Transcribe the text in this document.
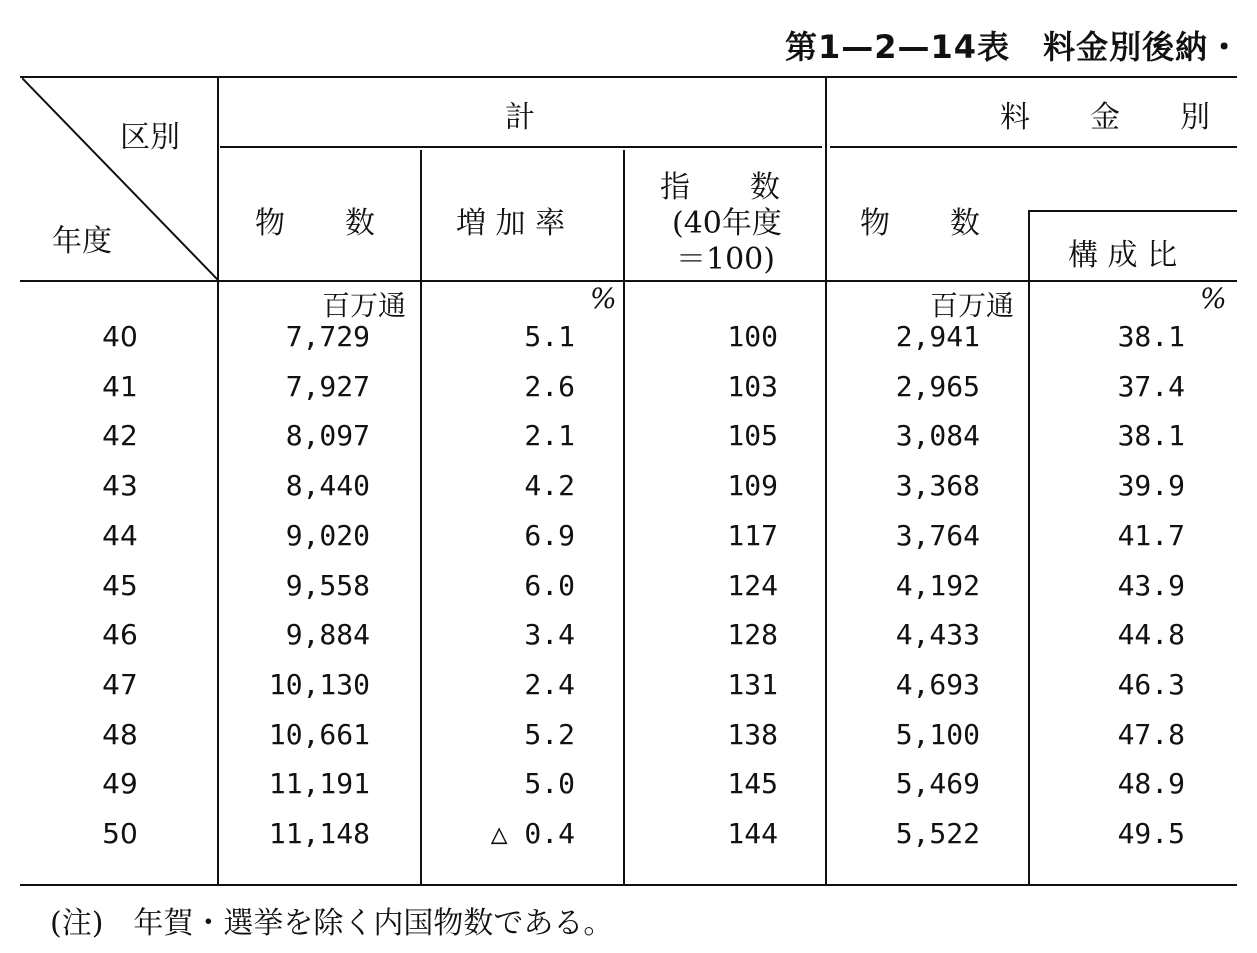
第1—2—14表　料金別後納・
区別
年度
計	料　　金　　別
物　　数	増 加 率
指　　数
(40年度
＝100)
物　　数
構 成 比
百万通	%	百万通	%
40	7,729	5.1	100	2,941	38.1
41	7,927	2.6	103	2,965	37.4
42	8,097	2.1	105	3,084	38.1
43	8,440	4.2	109	3,368	39.9
44	9,020	6.9	117	3,764	41.7
45	9,558	6.0	124	4,192	43.9
46	9,884	3.4	128	4,433	44.8
47	10,130	2.4	131	4,693	46.3
48	10,661	5.2	138	5,100	47.8
49	11,191	5.0	145	5,469	48.9
50	11,148	△ 0.4	144	5,522	49.5
(注)　年賀・選挙を除く内国物数である。
